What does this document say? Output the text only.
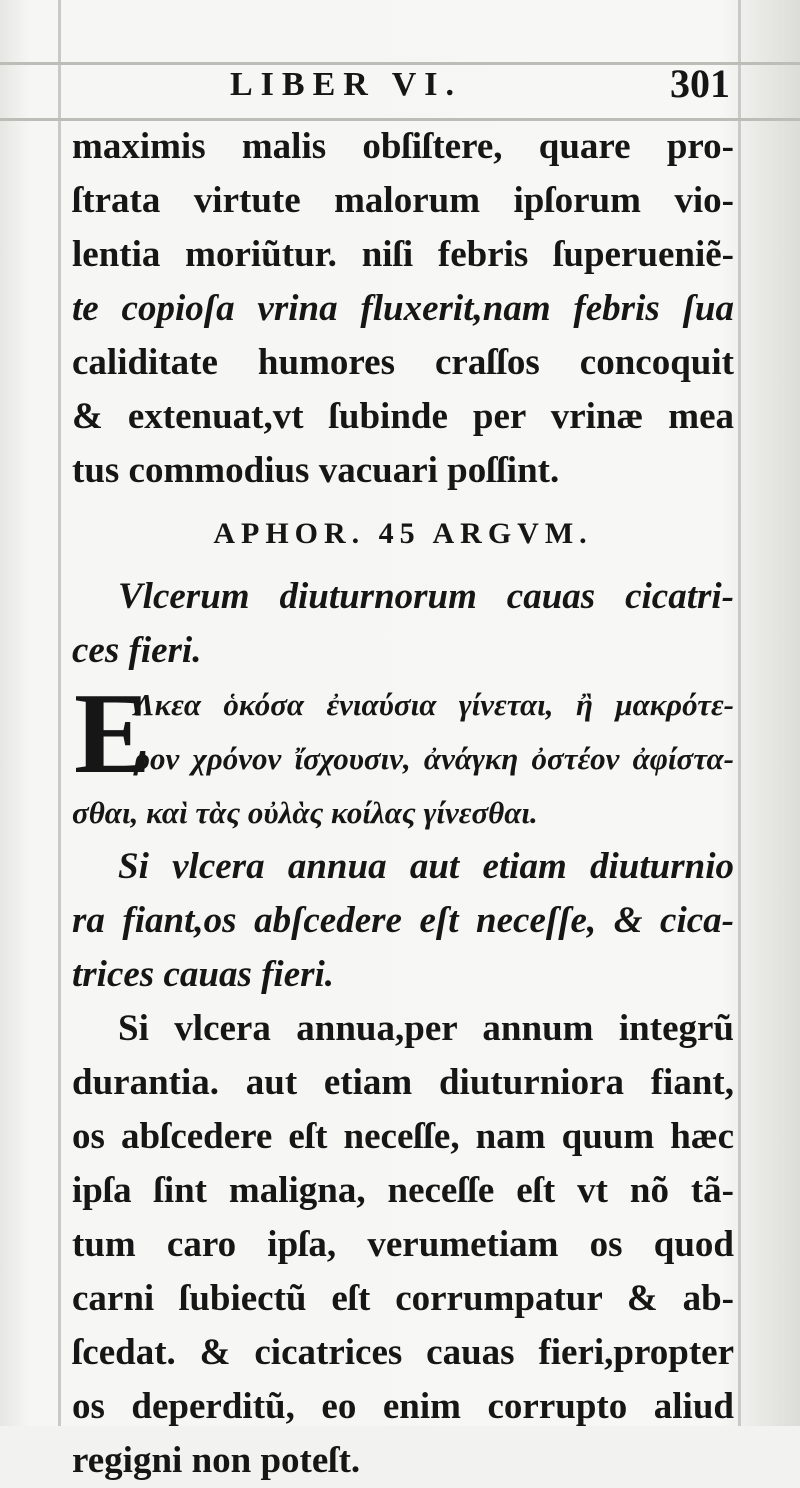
LIBER VI.	301
maximis malis obſiſtere, quare pro-
ſtrata virtute malorum ipſorum vio-
lentia moriũtur. niſi febris ſuperueniẽ-
te copioſa vrina fluxerit,nam febris ſua
caliditate humores craſſos concoquit
& extenuat,vt ſubinde per vrinæ mea
tus commodius vacuari poſſint.
APHOR. 45 ARGVM.
Vlcerum diuturnorum cauas cicatri-
ces fieri.
E
Λκεα ὁκόσα ἐνιαύσια γίνεται, ἢ μακρότε-
ρον χρόνον ἴσχουσιν, ἀνάγκη ὀστέον ἀφίστα-
σθαι, καὶ τὰς οὐλὰς κοίλας γίνεσθαι.
Si vlcera annua aut etiam diuturnio
ra fiant,os abſcedere eſt neceſſe, & cica-
trices cauas fieri.
Si vlcera annua,per annum integrũ
durantia. aut etiam diuturniora fiant,
os abſcedere eſt neceſſe, nam quum hæc
ipſa ſint maligna, neceſſe eſt vt nõ tã-
tum caro ipſa, verumetiam os quod
carni ſubiectũ eſt corrumpatur & ab-
ſcedat. & cicatrices cauas fieri,propter
os deperditũ, eo enim corrupto aliud
regigni non poteſt.
